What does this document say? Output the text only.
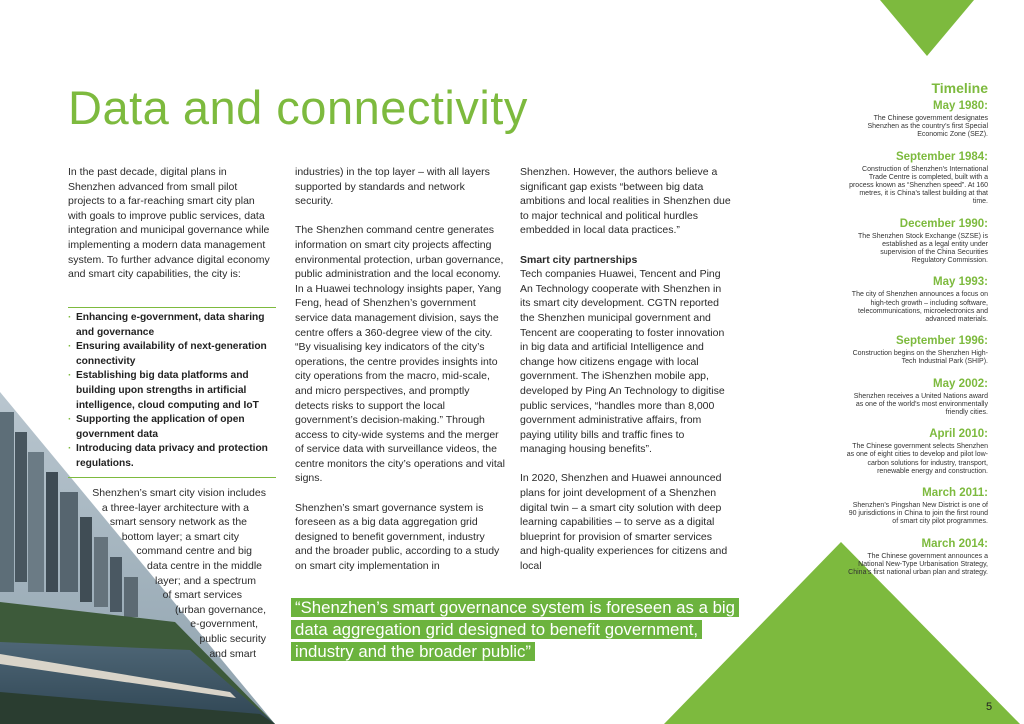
Data and connectivity

In the past decade, digital plans in Shenzhen advanced from small pilot projects to a far-reaching smart city plan with goals to improve public services, data integration and municipal governance while implementing a modern data management system. To further advance digital economy and smart city capabilities, the city is:

· Enhancing e-government, data sharing and governance
· Ensuring availability of next-generation connectivity
· Establishing big data platforms and building upon strengths in artificial intelligence, cloud computing and IoT
· Supporting the application of open government data
· Introducing data privacy and protection regulations.
Shenzhen’s smart city vision includes
a three-layer architecture with a
smart sensory network as the
bottom layer; a smart city
command centre and big
data centre in the middle
layer; and a spectrum
of smart services
(urban governance,
e-government,
public security
and smart

industries) in the top layer – with all layers supported by standards and network security.

The Shenzhen command centre generates information on smart city projects affecting environmental protection, urban governance, public administration and the local economy. In a Huawei technology insights paper, Yang Feng, head of Shenzhen’s government service data management division, says the centre offers a 360-degree view of the city. “By visualising key indicators of the city’s operations, the centre provides insights into city operations from the macro, mid-scale, and micro perspectives, and promptly detects risks to support the local government’s decision-making.” Through access to city-wide systems and the merger of service data with surveillance videos, the centre monitors the city’s operations and vital signs.

Shenzhen’s smart governance system is foreseen as a big data aggregation grid designed to benefit government, industry and the broader public, according to a study on smart city implementation in

Shenzhen. However, the authors believe a significant gap exists “between big data ambitions and local realities in Shenzhen due to major technical and political hurdles embedded in local data practices.”

Smart city partnerships

Tech companies Huawei, Tencent and Ping An Technology cooperate with Shenzhen in its smart city development. CGTN reported the Shenzhen municipal government and Tencent are cooperating to foster innovation in big data and artificial Intelligence and change how citizens engage with local government. The iShenzhen mobile app, developed by Ping An Technology to digitise public services, “handles more than 8,000 government administrative affairs, from paying utility bills and traffic fines to managing housing benefits”.

In 2020, Shenzhen and Huawei announced plans for joint development of a Shenzhen digital twin – a smart city solution with deep learning capabilities – to serve as a digital blueprint for provision of smarter services and high-quality experiences for citizens and local

“Shenzhen’s smart governance system is foreseen as a big data aggregation grid designed to benefit government, industry and the broader public”
Timeline
May 1980:
The Chinese government designates Shenzhen as the country’s first Special Economic Zone (SEZ).
September 1984:
Construction of Shenzhen’s International Trade Centre is completed, built with a process known as “Shenzhen speed”. At 160 metres, it is China’s tallest building at that time.
December 1990:
The Shenzhen Stock Exchange (SZSE) is established as a legal entity under supervision of the China Securities Regulatory Commission.
May 1993:
The city of Shenzhen announces a focus on high-tech growth – including software, telecommunications, microelectronics and advanced materials.
September 1996:
Construction begins on the Shenzhen High-Tech Industrial Park (SHIP).
May 2002:
Shenzhen receives a United Nations award as one of the world’s most environmentally friendly cities.
April 2010:
The Chinese government selects Shenzhen as one of eight cities to develop and pilot low-carbon solutions for industry, transport, renewable energy and construction.
March 2011:
Shenzhen’s Pingshan New District is one of 90 jurisdictions in China to join the first round of smart city pilot programmes.
March 2014:
The Chinese government announces a National New-Type Urbanisation Strategy, China’s first national urban plan and strategy.
5
